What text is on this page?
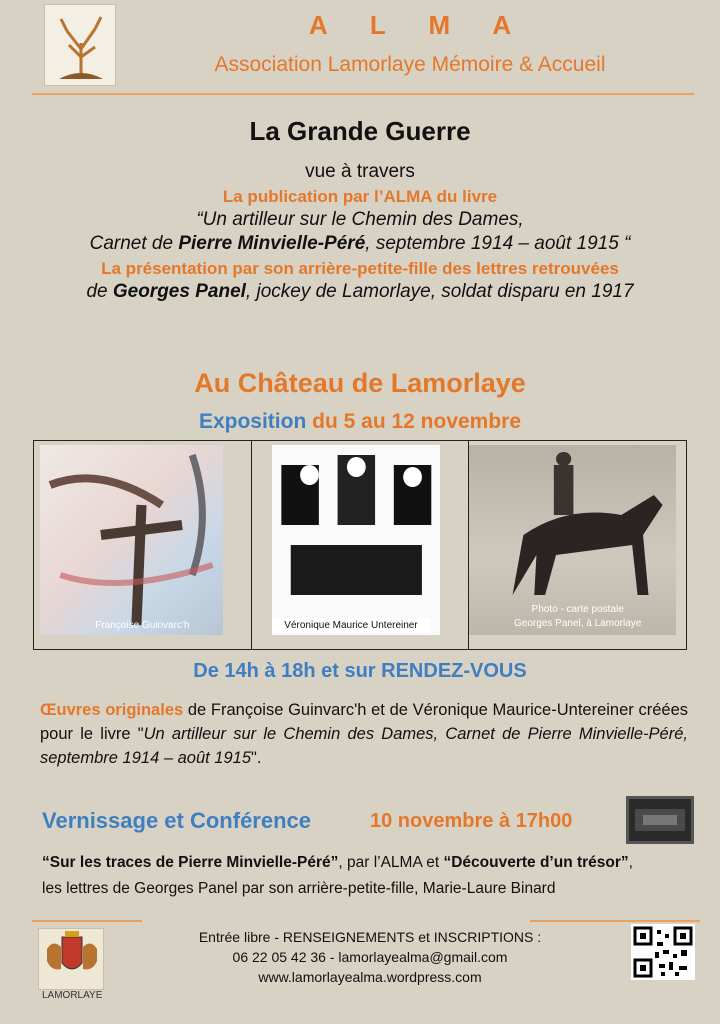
A L M A
Association Lamorlaye Mémoire & Accueil
La Grande Guerre
vue à travers
La publication par l’ALMA du livre
“Un artilleur sur le Chemin des Dames,
Carnet de Pierre Minvielle-Péré, septembre 1914 – août 1915 “
La présentation par son arrière-petite-fille des lettres retrouvées
de Georges Panel, jockey de Lamorlaye, soldat disparu en 1917
Au Château de Lamorlaye
Exposition du 5 au 12 novembre
Françoise Guinvarc'h	Véronique Maurice Untereiner
Photo - carte postale
Georges Panel, à Lamorlaye
De 14h à 18h et sur RENDEZ-VOUS
Œuvres originales de Françoise Guinvarc'h et de Véronique Maurice-Untereiner créées pour le livre "Un artilleur sur le Chemin des Dames, Carnet de Pierre Minvielle-Péré, septembre 1914 – août 1915".
Vernissage et Conférence	10 novembre à 17h00
“Sur les traces de Pierre Minvielle-Péré”, par l’ALMA et “Découverte d’un trésor”,
les lettres de Georges Panel par son arrière-petite-fille, Marie-Laure Binard
LAMORLAYE
Entrée libre - RENSEIGNEMENTS et INSCRIPTIONS :
06 22 05 42 36 - lamorlayealma@gmail.com
www.lamorlayealma.wordpress.com
